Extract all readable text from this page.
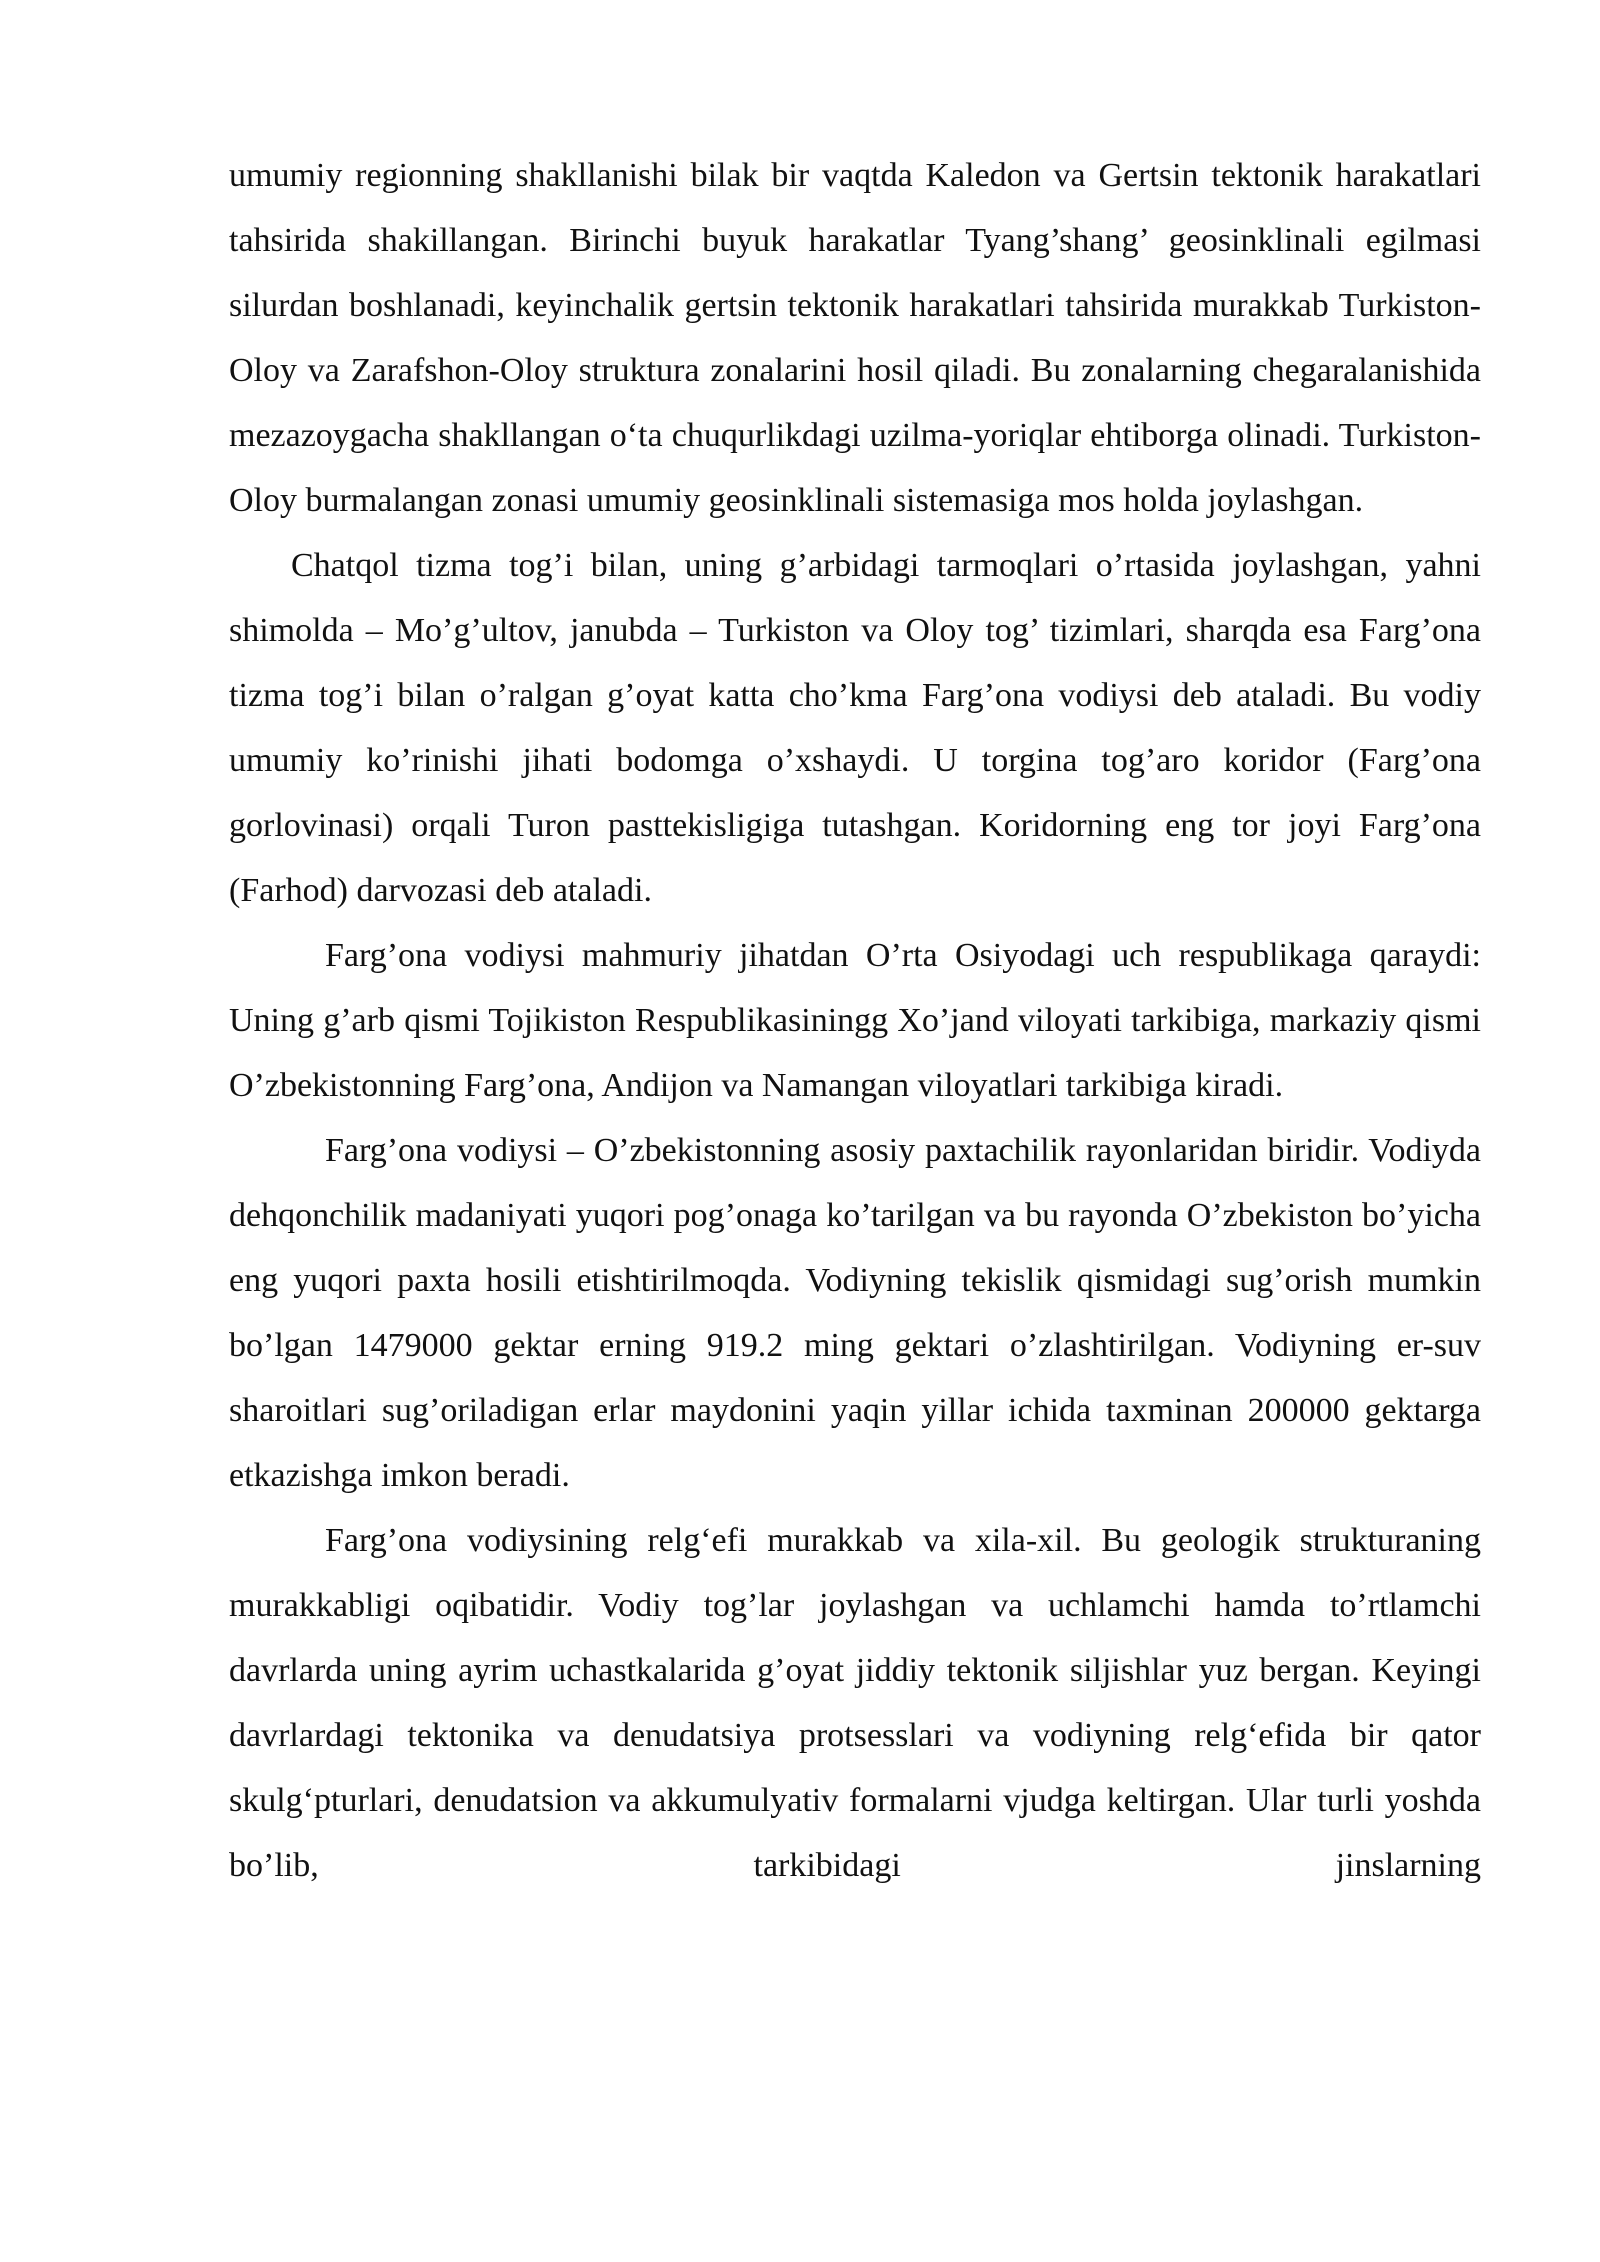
umumiy regionning shakllanishi bilak bir vaqtda Kaledon va Gertsin tektonik harakatlari tahsirida shakillangan. Birinchi buyuk harakatlar Tyang’shang’ geosinklinali egilmasi silurdan boshlanadi, keyinchalik gertsin tektonik harakatlari tahsirida murakkab Turkiston-Oloy va Zarafshon-Oloy struktura zonalarini hosil qiladi. Bu zonalarning chegaralanishida mezazoygacha shakllangan o‘ta chuqurlikdagi uzilma-yoriqlar ehtiborga olinadi. Turkiston-Oloy burmalangan zonasi umumiy geosinklinali sistemasiga mos holda joylashgan.

Chatqol tizma tog’i bilan, uning g’arbidagi tarmoqlari o’rtasida joylashgan, yahni shimolda – Mo’g’ultov, janubda – Turkiston va Oloy tog’ tizimlari, sharqda esa Farg’ona tizma tog’i bilan o’ralgan g’oyat katta cho’kma Farg’ona vodiysi deb ataladi. Bu vodiy umumiy ko’rinishi jihati bodomga o’xshaydi. U torgina tog’aro koridor (Farg’ona gorlovinasi) orqali Turon pasttekisligiga tutashgan. Koridorning eng tor joyi Farg’ona (Farhod) darvozasi deb ataladi.

Farg’ona vodiysi mahmuriy jihatdan O’rta Osiyodagi uch respublikaga qaraydi: Uning g’arb qismi Tojikiston Respublikasiningg Xo’jand viloyati tarkibiga, markaziy qismi O’zbekistonning Farg’ona, Andijon va Namangan viloyatlari tarkibiga kiradi.

Farg’ona vodiysi – O’zbekistonning asosiy paxtachilik rayonlaridan biridir. Vodiyda dehqonchilik madaniyati yuqori pog’onaga ko’tarilgan va bu rayonda O’zbekiston bo’yicha eng yuqori paxta hosili etishtirilmoqda. Vodiyning tekislik qismidagi sug’orish mumkin bo’lgan 1479000 gektar erning 919.2 ming gektari o’zlashtirilgan. Vodiyning er-suv sharoitlari sug’oriladigan erlar maydonini yaqin yillar ichida taxminan 200000 gektarga etkazishga imkon beradi.

Farg’ona vodiysining relg‘efi murakkab va xila-xil. Bu geologik strukturaning murakkabligi oqibatidir. Vodiy tog’lar joylashgan va uchlamchi hamda to’rtlamchi davrlarda uning ayrim uchastkalarida g’oyat jiddiy tektonik siljishlar yuz bergan. Keyingi davrlardagi tektonika va denudatsiya protsesslari va vodiyning relg‘efida bir qator skulg‘pturlari, denudatsion va akkumulyativ formalarni vjudga keltirgan. Ular turli yoshda bo’lib, tarkibidagi jinslarning
